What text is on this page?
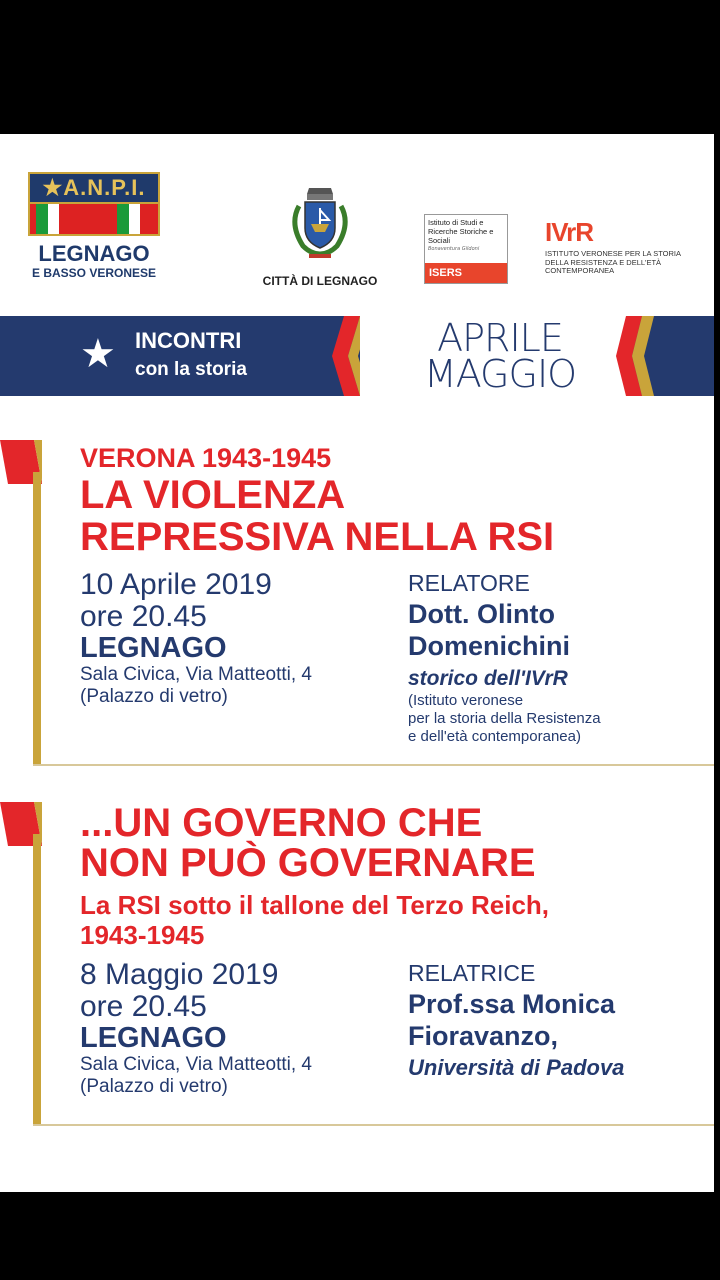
★A.N.P.I.
LEGNAGO
E BASSO VERONESE
CITTÀ DI LEGNAGO
Istituto di Studi e Ricerche Storiche e Sociali
Bonaventura Gildoni
ISERS
IVrR
ISTITUTO VERONESE PER LA STORIA DELLA RESISTENZA E DELL'ETÀ CONTEMPORANEA
★ INCONTRI
con la storia
APRILE
MAGGIO
VERONA 1943-1945
LA VIOLENZA
REPRESSIVA NELLA RSI
10 Aprile 2019
ore 20.45
LEGNAGO
Sala Civica, Via Matteotti, 4
(Palazzo di vetro)
RELATORE
Dott. Olinto
Domenichini
storico dell'IVrR
(Istituto veronese
per la storia della Resistenza
e dell'età contemporanea)
...UN GOVERNO CHE
NON PUÒ GOVERNARE
La RSI sotto il tallone del Terzo Reich,
1943-1945
8 Maggio 2019
ore 20.45
LEGNAGO
Sala Civica, Via Matteotti, 4
(Palazzo di vetro)
RELATRICE
Prof.ssa Monica
Fioravanzo,
Università di Padova
